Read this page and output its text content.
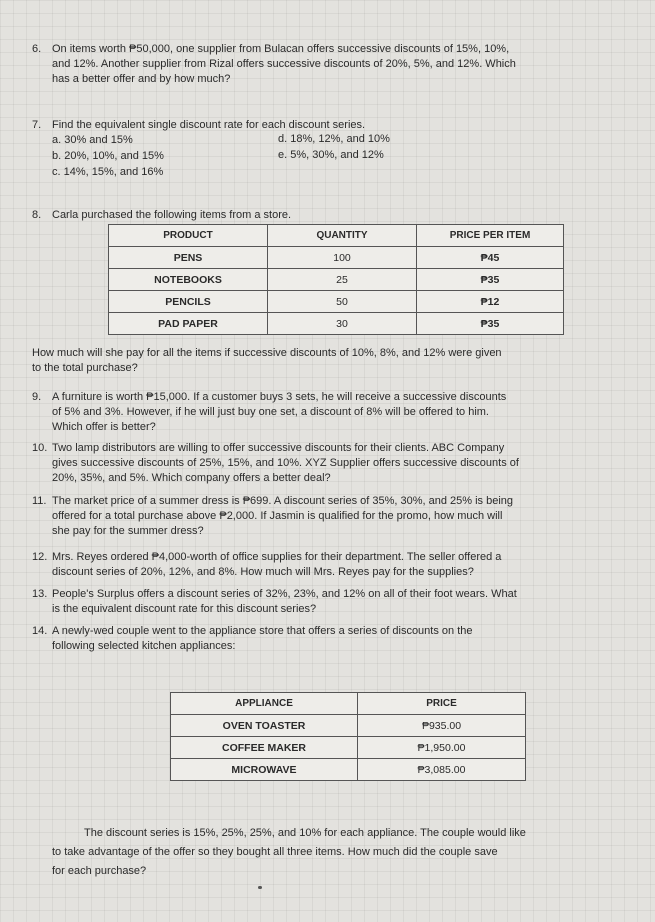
6. On items worth ₱50,000, one supplier from Bulacan offers successive discounts of 15%, 10%,
and 12%. Another supplier from Rizal offers successive discounts of 20%, 5%, and 12%. Which
has a better offer and by how much?
7. Find the equivalent single discount rate for each discount series.
a. 30% and 15%
b. 20%, 10%, and 15%
c. 14%, 15%, and 16%
d. 18%, 12%, and 10%
e. 5%, 30%, and 12%
8. Carla purchased the following items from a store.
PRODUCT	QUANTITY	PRICE PER ITEM
PENS	100	₱45
NOTEBOOKS	25	₱35
PENCILS	50	₱12
PAD PAPER	30	₱35
How much will she pay for all the items if successive discounts of 10%, 8%, and 12% were given
to the total purchase?
9. A furniture is worth ₱15,000. If a customer buys 3 sets, he will receive a successive discounts
of 5% and 3%. However, if he will just buy one set, a discount of 8% will be offered to him.
Which offer is better?
10. Two lamp distributors are willing to offer successive discounts for their clients. ABC Company
gives successive discounts of 25%, 15%, and 10%. XYZ Supplier offers successive discounts of
20%, 35%, and 5%. Which company offers a better deal?
11. The market price of a summer dress is ₱699. A discount series of 35%, 30%, and 25% is being
offered for a total purchase above ₱2,000. If Jasmin is qualified for the promo, how much will
she pay for the summer dress?
12. Mrs. Reyes ordered ₱4,000-worth of office supplies for their department. The seller offered a
discount series of 20%, 12%, and 8%. How much will Mrs. Reyes pay for the supplies?
13. People's Surplus offers a discount series of 32%, 23%, and 12% on all of their foot wears. What
is the equivalent discount rate for this discount series?
14. A newly-wed couple went to the appliance store that offers a series of discounts on the
following selected kitchen appliances:
APPLIANCE	PRICE
OVEN TOASTER	₱935.00
COFFEE MAKER	₱1,950.00
MICROWAVE	₱3,085.00
The discount series is 15%, 25%, 25%, and 10% for each appliance. The couple would like
to take advantage of the offer so they bought all three items. How much did the couple save
for each purchase?
